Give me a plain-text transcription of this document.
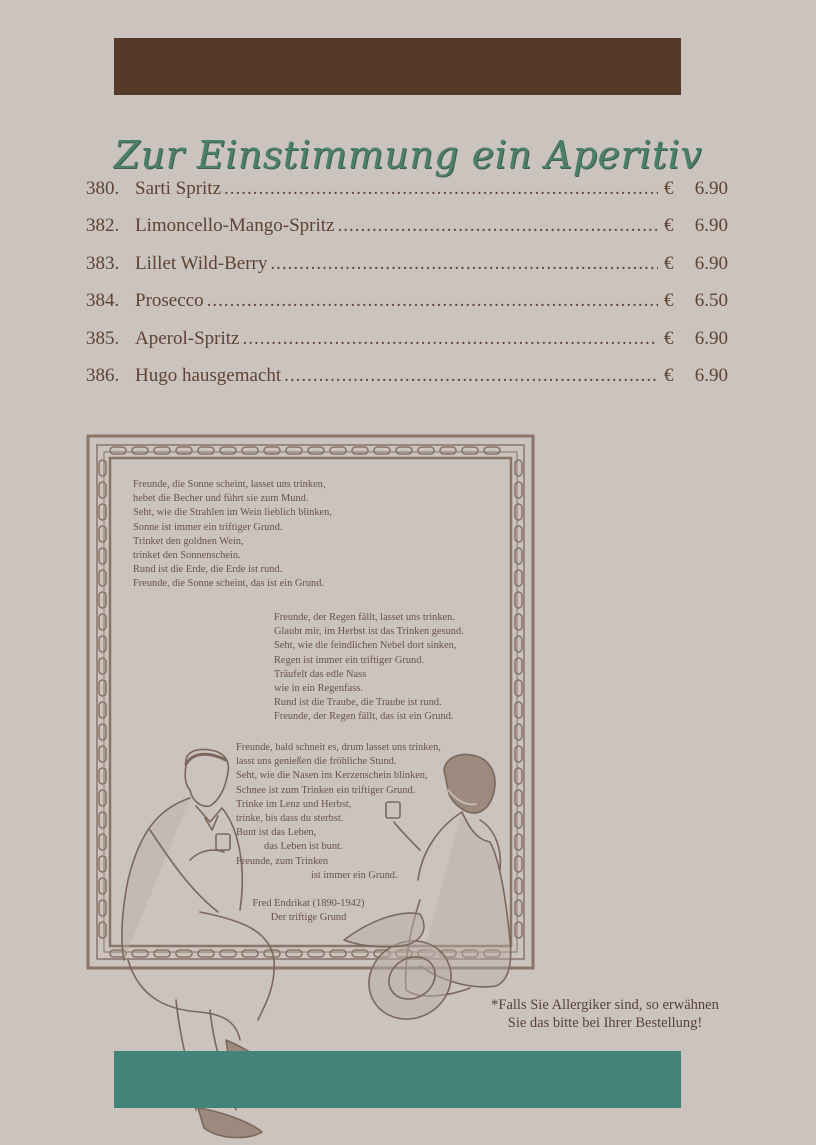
Zur Einstimmung ein Aperitiv
380. Sarti Spritz .....	€	6.90
382. Limoncello-Mango-Spritz .....	€	6.90
383. Lillet Wild-Berry .....	€	6.90
384. Prosecco .....	€	6.50
385. Aperol-Spritz .....	€	6.90
386. Hugo hausgemacht .....	€	6.90
Freunde, die Sonne scheint, lasset uns trinken,
hebet die Becher und führt sie zum Mund.
Seht, wie die Strahlen im Wein lieblich blinken,
Sonne ist immer ein triftiger Grund.
Trinket den goldnen Wein,
trinket den Sonnenschein.
Rund ist die Erde, die Erde ist rund.
Freunde, die Sonne scheint, das ist ein Grund.
Freunde, der Regen fällt, lasset uns trinken.
Glaubt mir, im Herbst ist das Trinken gesund.
Seht, wie die feindlichen Nebel dort sinken,
Regen ist immer ein triftiger Grund.
Träufelt das edle Nass
wie in ein Regenfass.
Rund ist die Traube, die Traube ist rund.
Freunde, der Regen fällt, das ist ein Grund.
Freunde, bald schneit es, drum lasset uns trinken,
lasst uns genießen die fröhliche Stund.
Seht, wie die Nasen im Kerzenschein blinken,
Schnee ist zum Trinken ein triftiger Grund.
Trinke im Lenz und Herbst,
trinke, bis dass du sterbst.
Bunt ist das Leben,
das Leben ist bunt.
Freunde, zum Trinken
ist immer ein Grund.
Fred Endrikat (1890-1942)
Der triftige Grund
*Falls Sie Allergiker sind, so erwähnen
Sie das bitte bei Ihrer Bestellung!
